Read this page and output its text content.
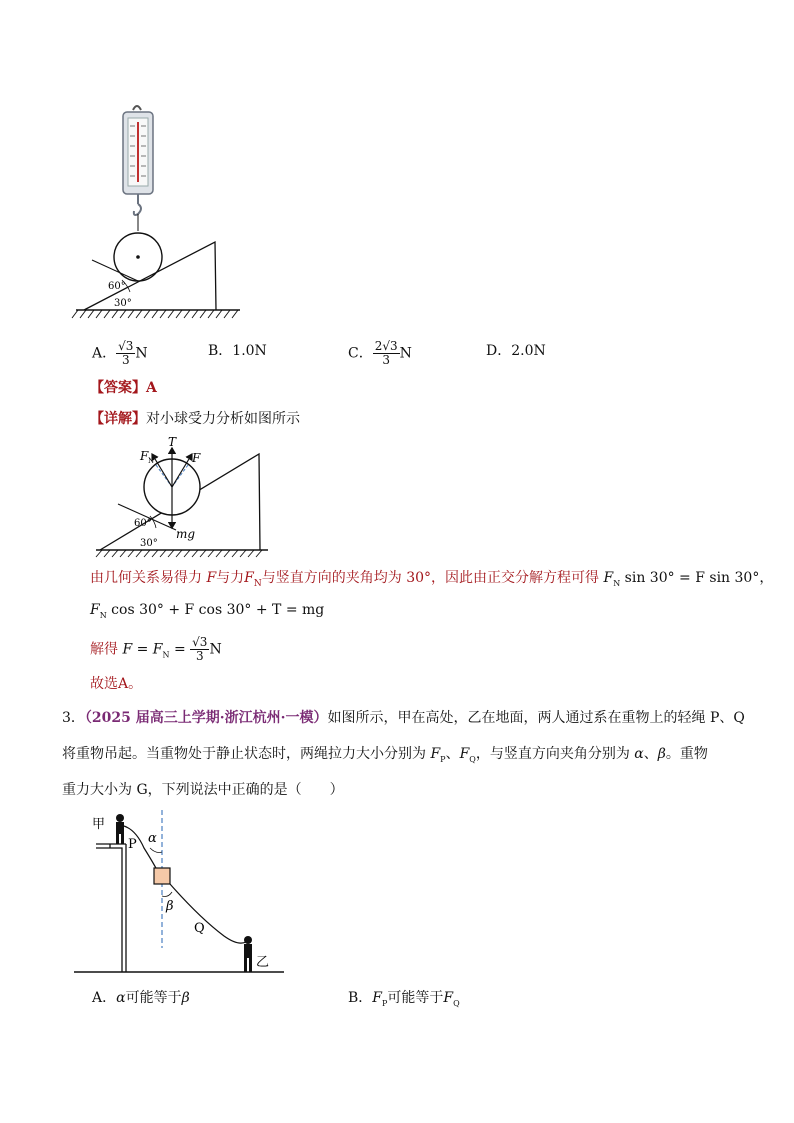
60°
30°
A． $\frac{√3}{3}$ N	B．1.0N	C． $\frac{2√3}{3}$ N	D．2.0N
【答案】A
【详解】对小球受力分析如图所示
T
F N	F
mg
60°
30°
由几何关系易得力 F与力$F_N$与竖直方向的夹角均为 30°，因此由正交分解方程可得 $F_N$ sin 30° = F sin 30°，
$F_N$ cos 30° + F cos 30° + T = mg
解得 $F = F_N = \frac{√3}{3}$ N
故选A。
3．（2025 届高三上学期·浙江杭州·一模）如图所示，甲在高处，乙在地面，两人通过系在重物上的轻绳 P、Q
将重物吊起。当重物处于静止状态时，两绳拉力大小分别为 $F_P$、$F_Q$，与竖直方向夹角分别为 α、β。重物
重力大小为 G，下列说法中正确的是（　　）
甲
乙
P
Q
α
β
A．α可能等于β	B．$F_P$可能等于$F_Q$
